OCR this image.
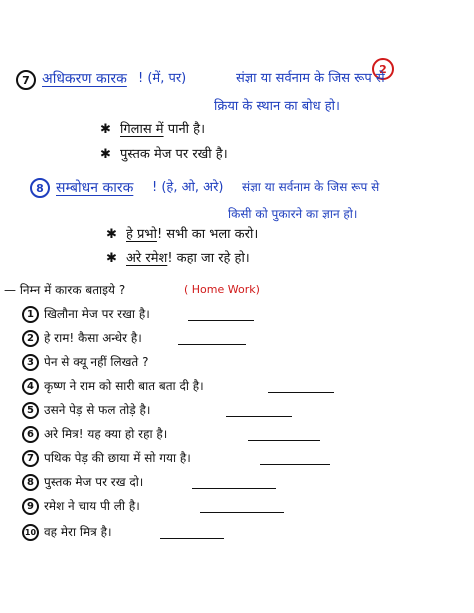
2
7 अधिकरण कारक ! (में, पर)	संज्ञा या सर्वनाम के जिस रूप से
क्रिया के स्थान का बोध हो।
✱ गिलास में पानी है।
✱ पुस्तक मेज पर रखी है।
8 सम्बोधन कारक ! (हे, ओ, अरे) संज्ञा या सर्वनाम के जिस रूप से
किसी को पुकारने का ज्ञान हो।
✱ हे प्रभो! सभी का भला करो।
✱ अरे रमेश! कहा जा रहे हो।
— निम्न में कारक बताइये ?	( Home Work)
1 खिलौना मेज पर रखा है।
2 हे राम! कैसा अन्धेर है।
3 पेन से क्यू नहीं लिखते ?
4 कृष्ण ने राम को सारी बात बता दी है।
5 उसने पेड़ से फल तोड़े है।
6 अरे मित्र! यह क्या हो रहा है।
7 पथिक पेड़ की छाया में सो गया है।
8 पुस्तक मेज पर रख दो।
9 रमेश ने चाय पी ली है।
10 वह मेरा मित्र है।
